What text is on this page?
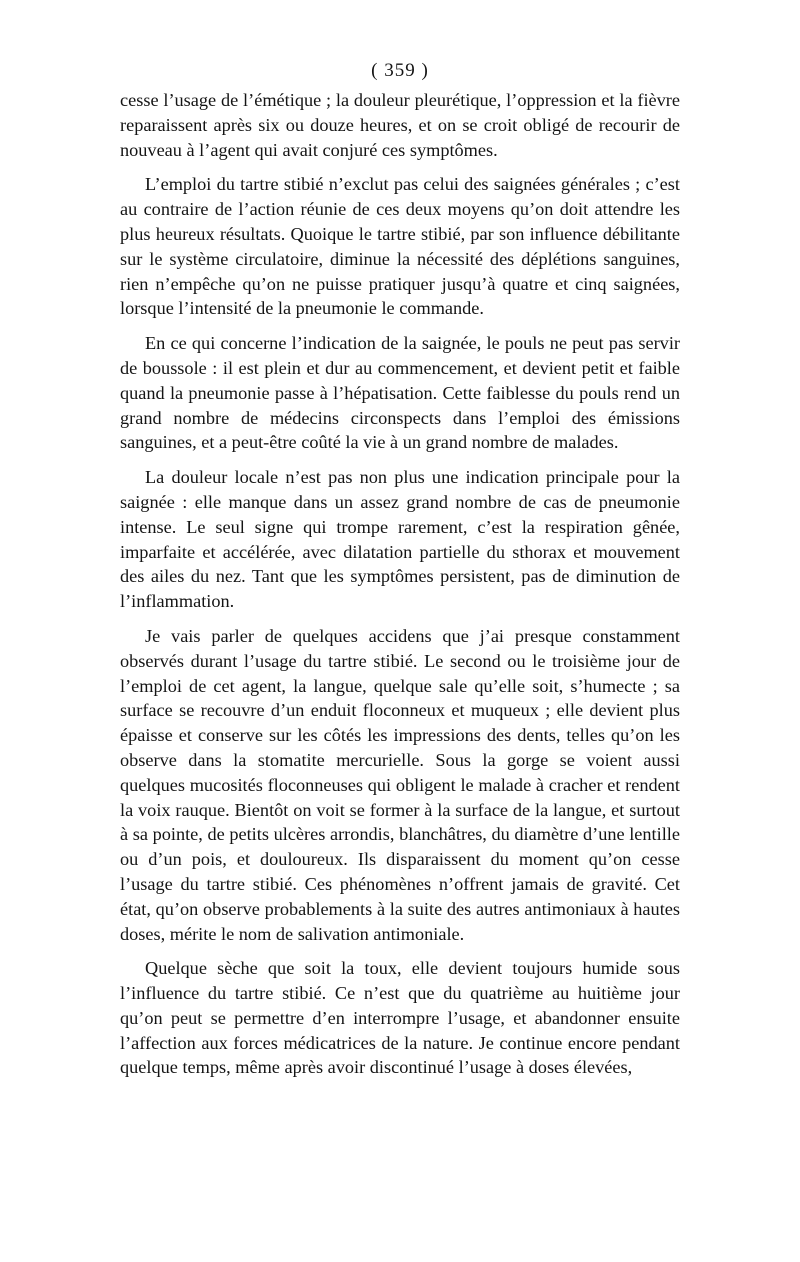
( 359 )

cesse l’usage de l’émétique ; la douleur pleurétique, l’oppression et la fièvre reparaissent après six ou douze heures, et on se croit obligé de recourir de nouveau à l’agent qui avait conjuré ces symptômes.

L’emploi du tartre stibié n’exclut pas celui des saignées générales ; c’est au contraire de l’action réunie de ces deux moyens qu’on doit attendre les plus heureux résultats. Quoique le tartre stibié, par son influence débilitante sur le système circulatoire, diminue la nécessité des déplétions sanguines, rien n’empêche qu’on ne puisse pratiquer jusqu’à quatre et cinq saignées, lorsque l’intensité de la pneumonie le commande.

En ce qui concerne l’indication de la saignée, le pouls ne peut pas servir de boussole : il est plein et dur au commencement, et devient petit et faible quand la pneumonie passe à l’hépatisation. Cette faiblesse du pouls rend un grand nombre de médecins circonspects dans l’emploi des émissions sanguines, et a peut-être coûté la vie à un grand nombre de malades.

La douleur locale n’est pas non plus une indication principale pour la saignée : elle manque dans un assez grand nombre de cas de pneumonie intense. Le seul signe qui trompe rarement, c’est la respiration gênée, imparfaite et accélérée, avec dilatation partielle du sthorax et mouvement des ailes du nez. Tant que les symptômes persistent, pas de diminution de l’inflammation.

Je vais parler de quelques accidens que j’ai presque constamment observés durant l’usage du tartre stibié. Le second ou le troisième jour de l’emploi de cet agent, la langue, quelque sale qu’elle soit, s’humecte ; sa surface se recouvre d’un enduit floconneux et muqueux ; elle devient plus épaisse et conserve sur les côtés les impressions des dents, telles qu’on les observe dans la stomatite mercurielle. Sous la gorge se voient aussi quelques mucosités floconneuses qui obligent le malade à cracher et rendent la voix rauque. Bientôt on voit se former à la surface de la langue, et surtout à sa pointe, de petits ulcères arrondis, blanchâtres, du diamètre d’une lentille ou d’un pois, et douloureux. Ils disparaissent du moment qu’on cesse l’usage du tartre stibié. Ces phénomènes n’offrent jamais de gravité. Cet état, qu’on observe probablements à la suite des autres antimoniaux à hautes doses, mérite le nom de salivation antimoniale.

Quelque sèche que soit la toux, elle devient toujours humide sous l’influence du tartre stibié. Ce n’est que du quatrième au huitième jour qu’on peut se permettre d’en interrompre l’usage, et abandonner ensuite l’affection aux forces médicatrices de la nature. Je continue encore pendant quelque temps, même après avoir discontinué l’usage à doses élevées,
